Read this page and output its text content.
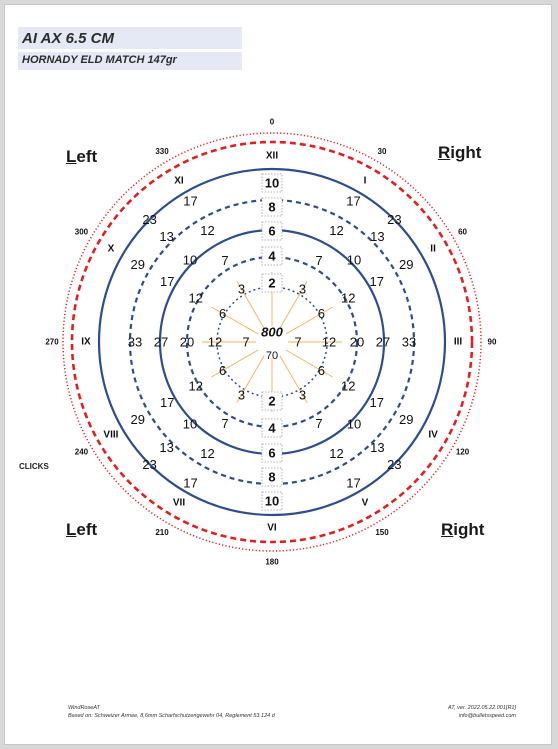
AI AX 6.5 CM
HORNADY ELD MATCH 147gr
2
2
4
4
6
6
8
8
10
10
7	7
12	12
20	20
27	27
33	33
3
7
12
17
3
7
12
17
3
7
12
17
3
7
12
17
6
12
17
29
6
12
17
29
6
12
17
29
6
12
17
29	10
13
23
10
13
23
10
13
23
10
13
23
XII
I
II
III
IV
V
VI
VII
VIII
IX
X
XI
0
30
60
90
120
150
180
210
240
270
300
330
800
70
Left	Right
Left	Right
CLICKS
WindRoseAT
Based on: Schweizer Armee, 8,6mm Scharfschutzengewehr 04, Reglement 53.124 d
AT, ver. 2022.05.22.001[R1]
info@bulletsspeed.com
